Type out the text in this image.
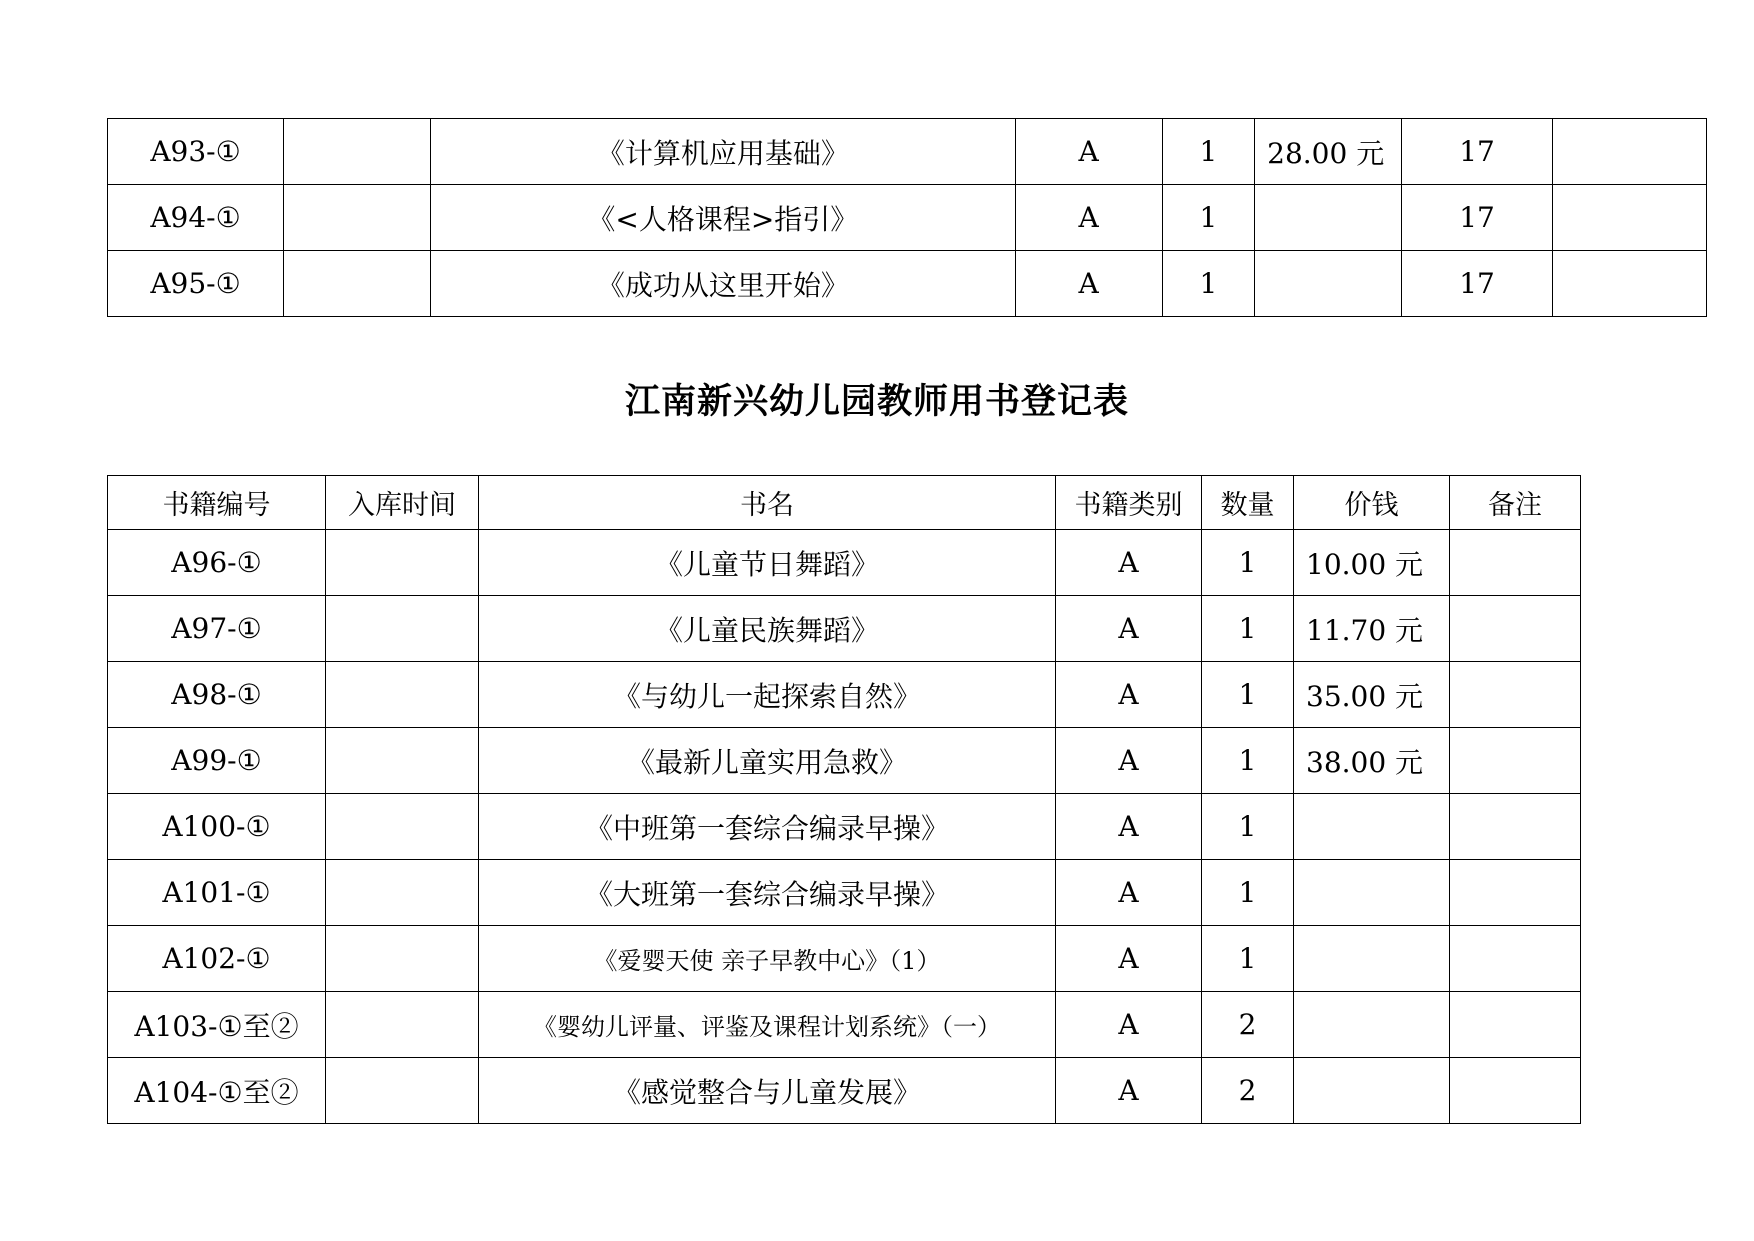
A93-①		《计算机应用基础》	A	1	28.00 元	17	
A94-①		《<人格课程>指引》	A	1		17	
A95-①		《成功从这里开始》	A	1		17	
江南新兴幼儿园教师用书登记表
书籍编号	入库时间	书名	书籍类别	数量	价钱	备注
A96-①		《儿童节日舞蹈》	A	1	10.00 元	
A97-①		《儿童民族舞蹈》	A	1	11.70 元	
A98-①		《与幼儿一起探索自然》	A	1	35.00 元	
A99-①		《最新儿童实用急救》	A	1	38.00 元	
A100-①		《中班第一套综合编录早操》	A	1		
A101-①		《大班第一套综合编录早操》	A	1		
A102-①		《爱婴天使 亲子早教中心》（1）	A	1		
A103-①至②		《婴幼儿评量、评鉴及课程计划系统》（一）	A	2		
A104-①至②		《感觉整合与儿童发展》	A	2		
